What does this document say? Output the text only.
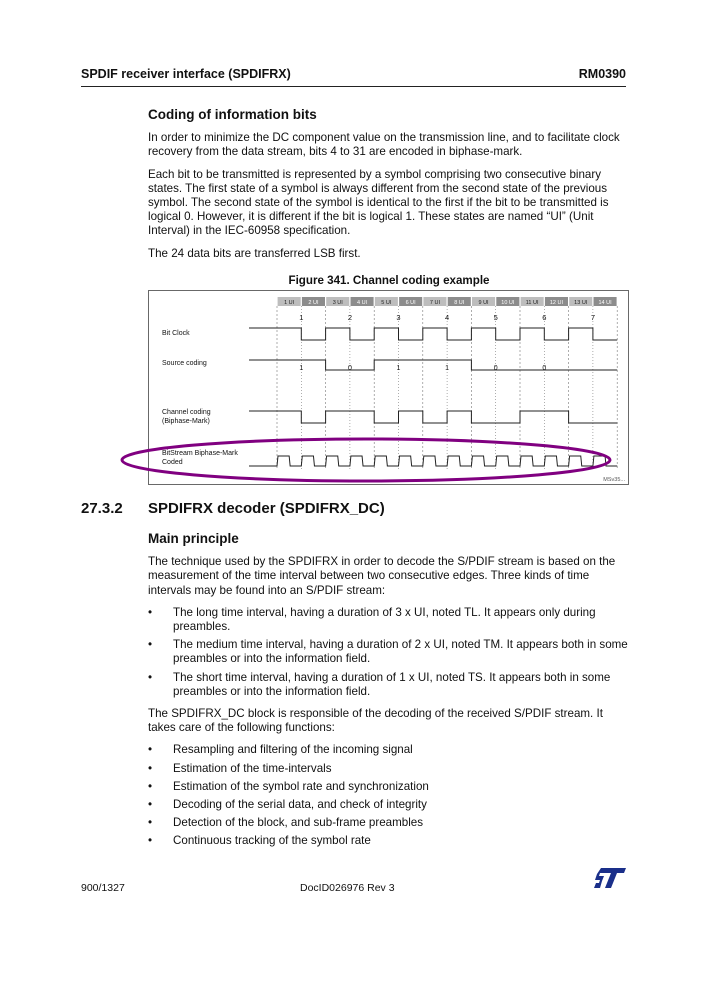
SPDIF receiver interface (SPDIFRX)	RM0390
Coding of information bits

In order to minimize the DC component value on the transmission line, and to facilitate clock recovery from the data stream, bits 4 to 31 are encoded in biphase-mark.

Each bit to be transmitted is represented by a symbol comprising two consecutive binary states. The first state of a symbol is always different from the second state of the previous symbol. The second state of the symbol is identical to the first if the bit to be transmitted is logical 0. However, it is different if the bit is logical 1. These states are named “UI” (Unit Interval) in the IEC-60958 specification.

The 24 data bits are transferred LSB first.

Figure 341. Channel coding example
1 UI	2 UI	3 UI	4 UI	5 UI	6 UI	7 UI	8 UI	9 UI 10 UI 11 UI 12 UI 13 UI 14 UI
1	2	3	4	5	6	7
Bit Clock
Source coding
Channel coding
(Biphase-Mark)
BitStream Biphase-Mark
Coded
1	0	1	1	0	0
MSv35...
27.3.2 SPDIFRX decoder (SPDIFRX_DC)
Main principle

The technique used by the SPDIFRX in order to decode the S/PDIF stream is based on the measurement of the time interval between two consecutive edges. Three kinds of time intervals may be found into an S/PDIF stream:

• The long time interval, having a duration of 3 x UI, noted TL. It appears only during preambles.
• The medium time interval, having a duration of 2 x UI, noted TM. It appears both in some preambles or into the information field.
• The short time interval, having a duration of 1 x UI, noted TS. It appears both in some preambles or into the information field.

The SPDIFRX_DC block is responsible of the decoding of the received S/PDIF stream. It takes care of the following functions:

• Resampling and filtering of the incoming signal
• Estimation of the time-intervals
• Estimation of the symbol rate and synchronization
• Decoding of the serial data, and check of integrity
• Detection of the block, and sub-frame preambles
• Continuous tracking of the symbol rate
900/1327	DocID026976 Rev 3
